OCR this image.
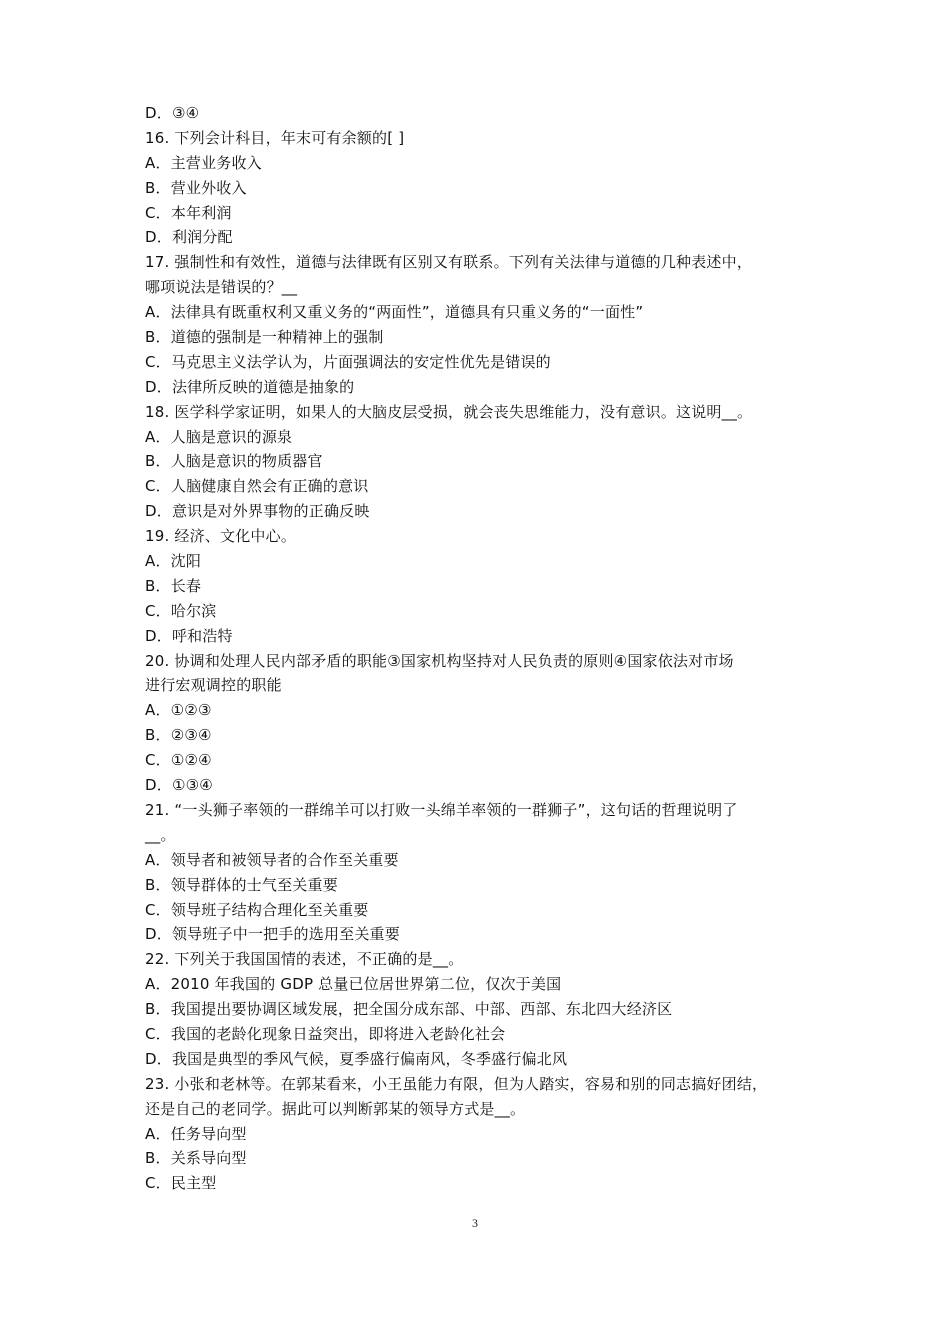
D．③④
16. 下列会计科目，年末可有余额的[ ]
A．主营业务收入
B．营业外收入
C．本年利润
D．利润分配
17. 强制性和有效性，道德与法律既有区别又有联系。下列有关法律与道德的几种表述中，
哪项说法是错误的？__
A．法律具有既重权利又重义务的“两面性”，道德具有只重义务的“一面性”
B．道德的强制是一种精神上的强制
C．马克思主义法学认为，片面强调法的安定性优先是错误的
D．法律所反映的道德是抽象的
18. 医学科学家证明，如果人的大脑皮层受损，就会丧失思维能力，没有意识。这说明__。
A．人脑是意识的源泉
B．人脑是意识的物质器官
C．人脑健康自然会有正确的意识
D．意识是对外界事物的正确反映
19. 经济、文化中心。
A．沈阳
B．长春
C．哈尔滨
D．呼和浩特
20. 协调和处理人民内部矛盾的职能③国家机构坚持对人民负责的原则④国家依法对市场
进行宏观调控的职能
A．①②③
B．②③④
C．①②④
D．①③④
21. “一头狮子率领的一群绵羊可以打败一头绵羊率领的一群狮子”，这句话的哲理说明了
__。
A．领导者和被领导者的合作至关重要
B．领导群体的士气至关重要
C．领导班子结构合理化至关重要
D．领导班子中一把手的选用至关重要
22. 下列关于我国国情的表述，不正确的是__。
A．2010 年我国的 GDP 总量已位居世界第二位，仅次于美国
B．我国提出要协调区域发展，把全国分成东部、中部、西部、东北四大经济区
C．我国的老龄化现象日益突出，即将进入老龄化社会
D．我国是典型的季风气候，夏季盛行偏南风，冬季盛行偏北风
23. 小张和老林等。在郭某看来，小王虽能力有限，但为人踏实，容易和别的同志搞好团结，
还是自己的老同学。据此可以判断郭某的领导方式是__。
A．任务导向型
B．关系导向型
C．民主型
3
